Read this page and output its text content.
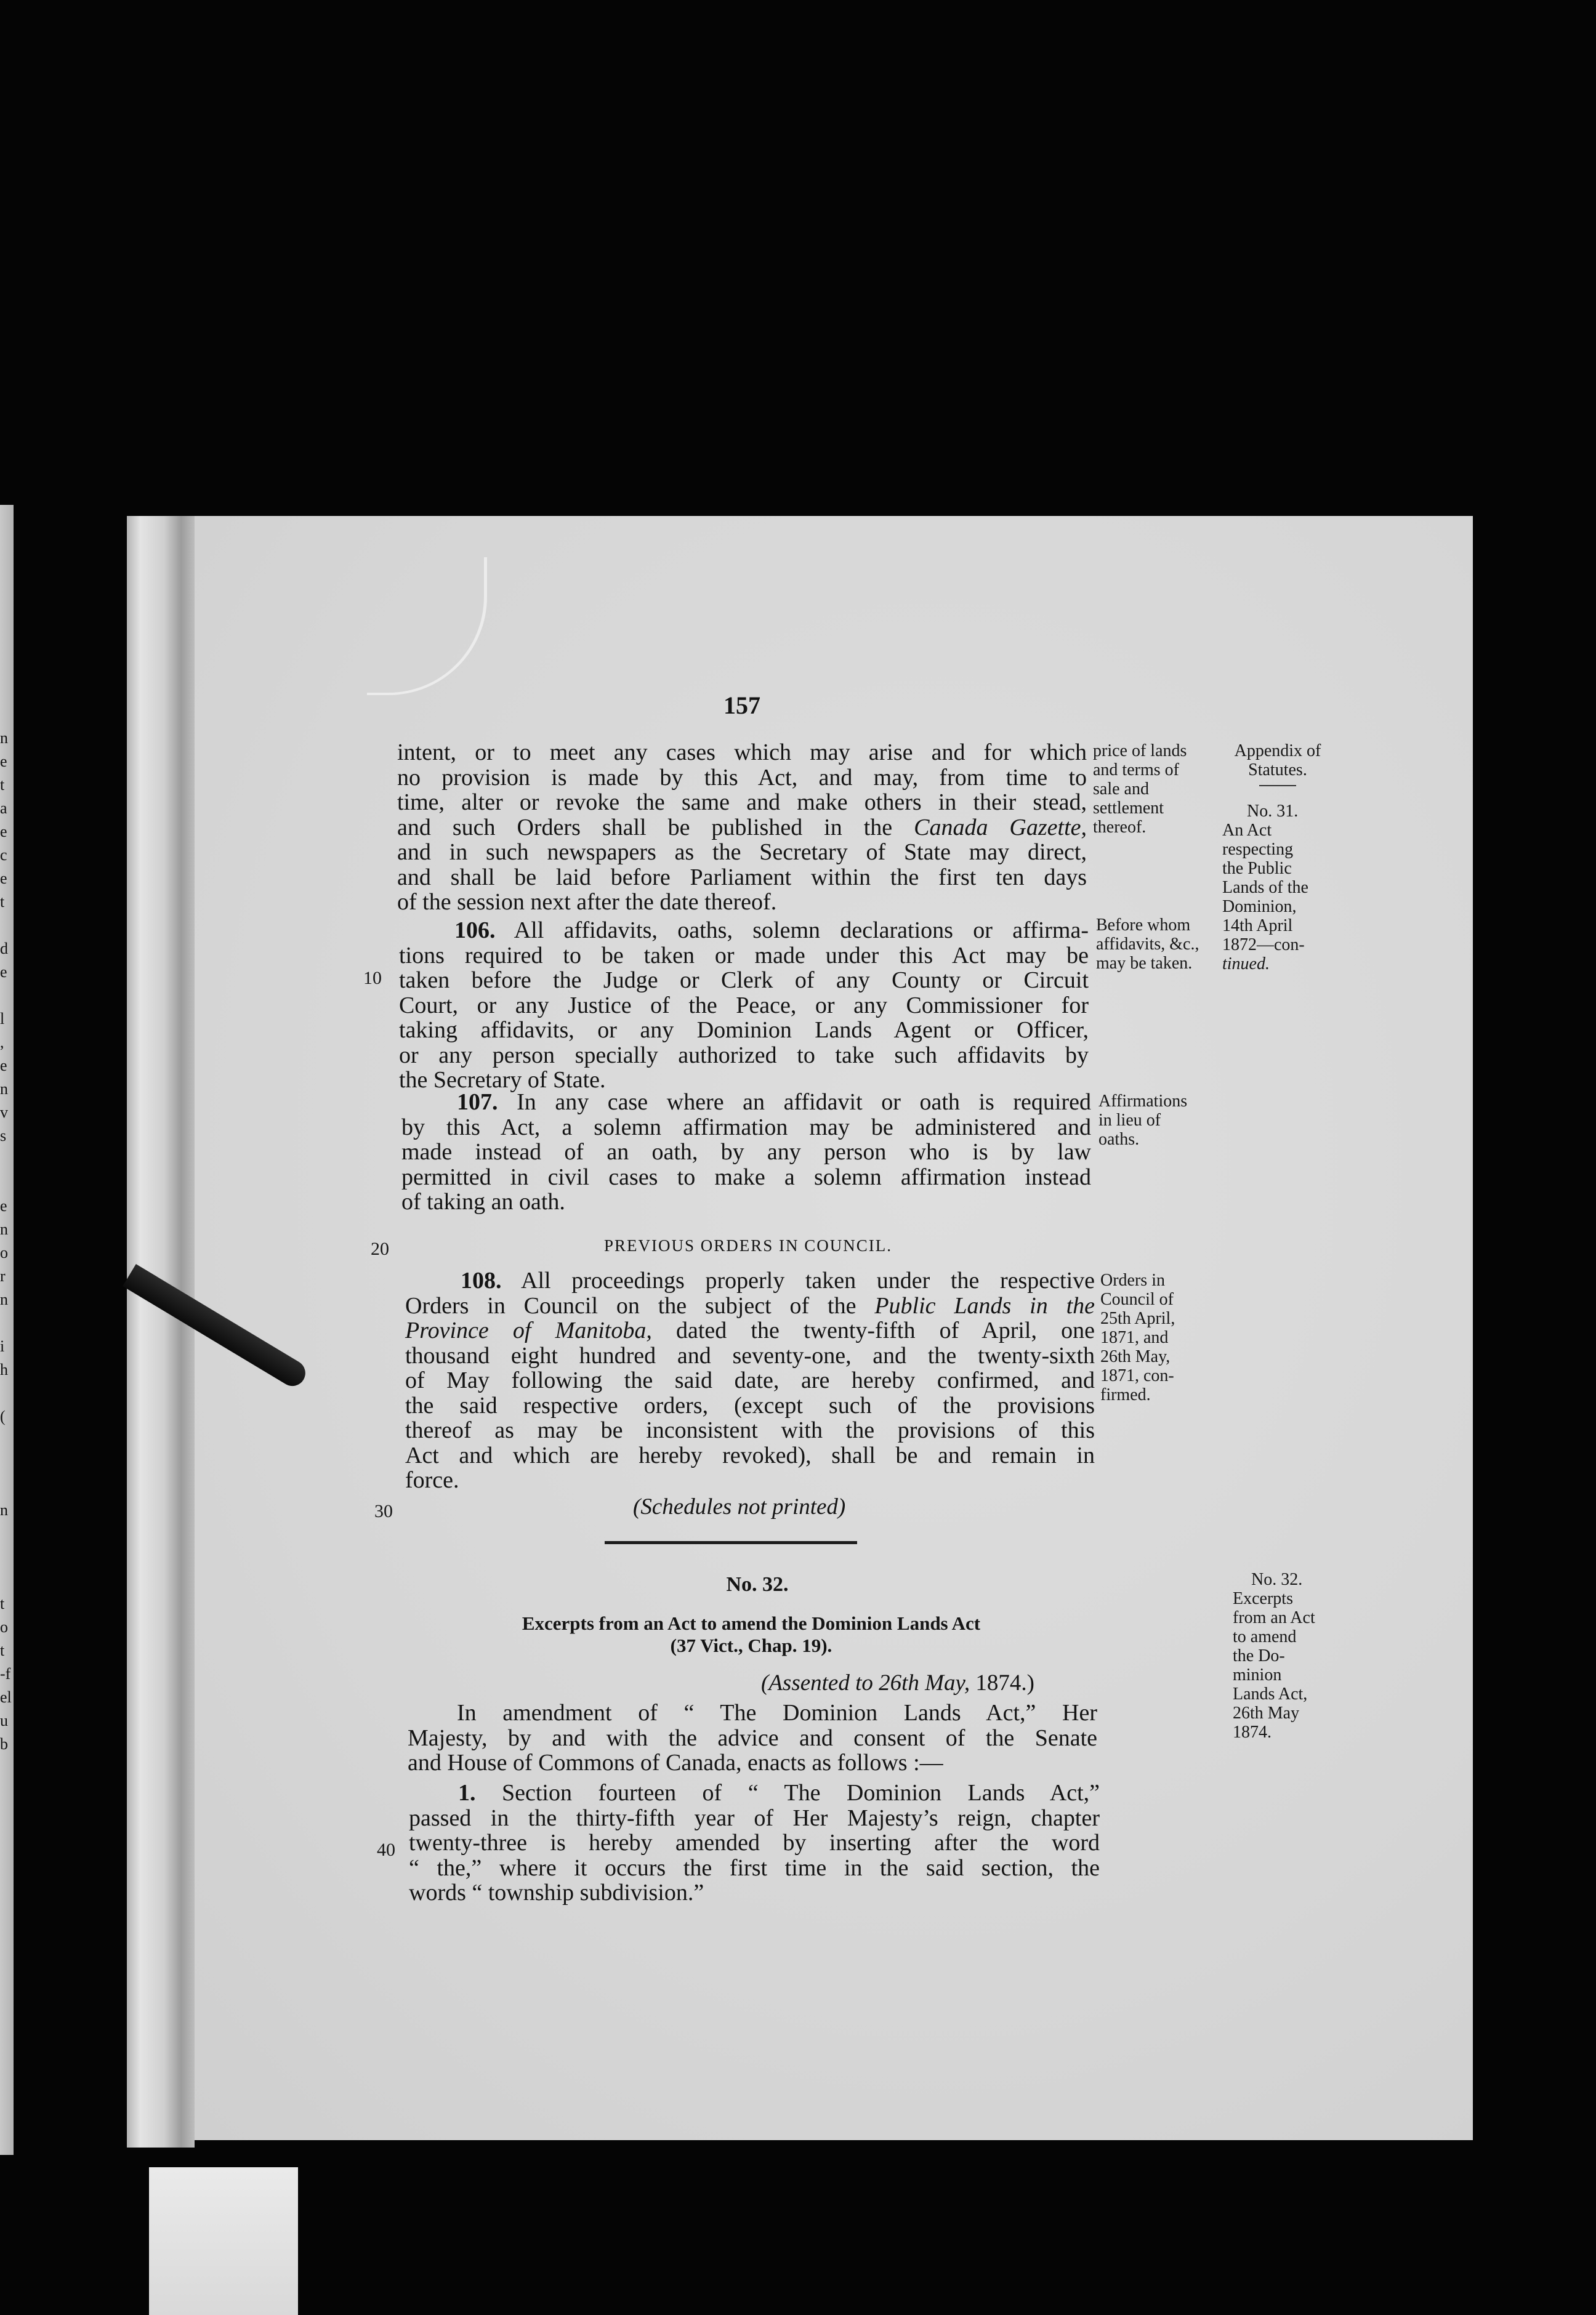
n
e
t
a
e
c
e
t

d
e

l
,
e
n
v
s

e
n
o
r
n

i
h

(

n

t
o
t
-f
el
u
b
157
10
20
30
40
intent, or to meet any cases which may arise and for which
no provision is made by this Act, and may, from time to
time, alter or revoke the same and make others in their stead,
and such Orders shall be published in the Canada Gazette,
and in such newspapers as the Secretary of State may direct,
and shall be laid before Parliament within the first ten days
of the session next after the date thereof.
106. All affidavits, oaths, solemn declarations or affirma-
tions required to be taken or made under this Act may be
taken before the Judge or Clerk of any County or Circuit
Court, or any Justice of the Peace, or any Commissioner for
taking affidavits, or any Dominion Lands Agent or Officer,
or any person specially authorized to take such affidavits by
the Secretary of State.
107. In any case where an affidavit or oath is required
by this Act, a solemn affirmation may be administered and
made instead of an oath, by any person who is by law
permitted in civil cases to make a solemn affirmation instead
of taking an oath.
PREVIOUS ORDERS IN COUNCIL.
108. All proceedings properly taken under the respective
Orders in Council on the subject of the Public Lands in the
Province of Manitoba, dated the twenty-fifth of April, one
thousand eight hundred and seventy-one, and the twenty-sixth
of May following the said date, are hereby confirmed, and
the said respective orders, (except such of the provisions
thereof as may be inconsistent with the provisions of this
Act and which are hereby revoked), shall be and remain in
force.
(Schedules not printed)
No. 32.
Excerpts from an Act to amend the Dominion Lands Act
(37 Vict., Chap. 19).
(Assented to 26th May, 1874.)
In amendment of “ The Dominion Lands Act,” Her
Majesty, by and with the advice and consent of the Senate
and House of Commons of Canada, enacts as follows :—
1. Section fourteen of “ The Dominion Lands Act,”
passed in the thirty-fifth year of Her Majesty’s reign, chapter
twenty-three is hereby amended by inserting after the word
“ the,” where it occurs the first time in the said section, the
words “ township subdivision.”
price of lands
and terms of
sale and
settlement
thereof.
Before whom
affidavits, &c.,
may be taken.
Affirmations
in lieu of
oaths.
Orders in
Council of
25th April,
1871, and
26th May,
1871, con-
firmed.
Appendix of
Statutes.
No. 31.
An Act
respecting
the Public
Lands of the
Dominion,
14th April
1872—con-
tinued.
No. 32.
Excerpts
from an Act
to amend
the Do-
minion
Lands Act,
26th May
1874.
